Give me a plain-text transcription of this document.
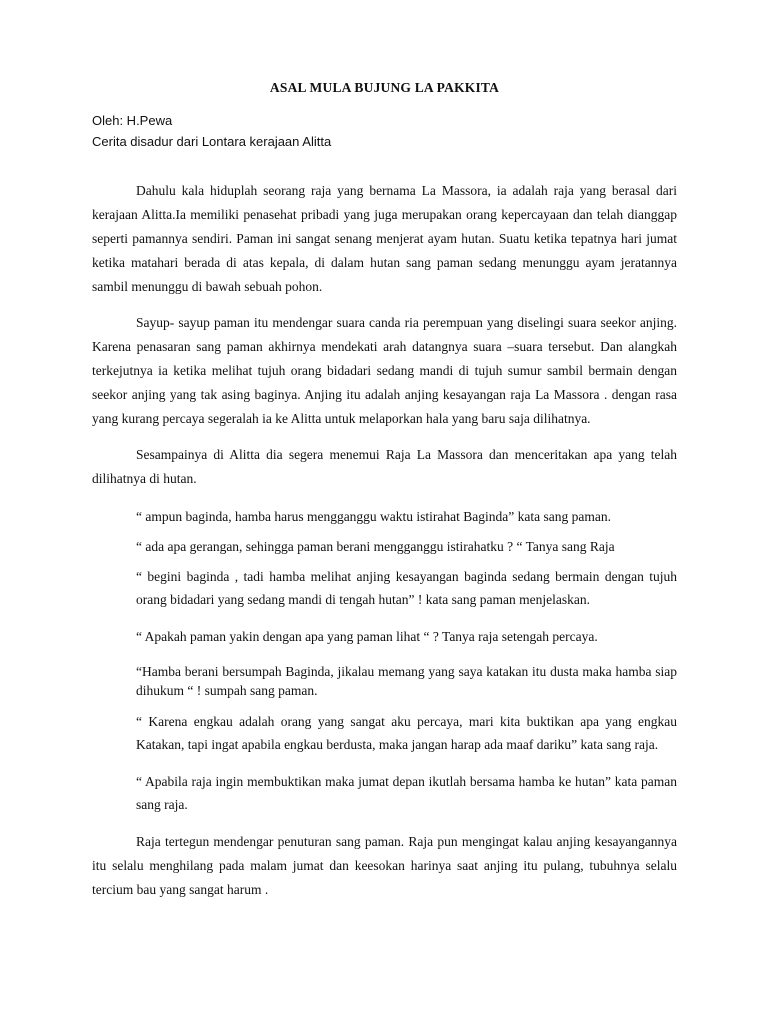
ASAL MULA BUJUNG LA PAKKITA

Oleh: H.Pewa

Cerita disadur dari Lontara kerajaan Alitta

Dahulu kala hiduplah seorang raja yang bernama La Massora, ia adalah raja yang berasal dari kerajaan Alitta.Ia memiliki penasehat pribadi yang juga merupakan orang kepercayaan dan telah dianggap seperti pamannya sendiri. Paman ini sangat senang menjerat ayam hutan. Suatu ketika tepatnya hari jumat ketika matahari berada di atas kepala, di dalam hutan sang paman sedang menunggu ayam jeratannya sambil menunggu di bawah sebuah pohon.

Sayup- sayup paman itu mendengar suara canda ria perempuan yang diselingi suara seekor anjing. Karena penasaran sang paman akhirnya mendekati arah datangnya suara –suara tersebut. Dan alangkah terkejutnya ia ketika melihat tujuh orang bidadari sedang mandi di tujuh sumur sambil bermain dengan seekor anjing yang tak asing baginya. Anjing itu adalah anjing kesayangan raja La Massora . dengan rasa yang kurang percaya segeralah ia ke Alitta untuk melaporkan hala yang baru saja dilihatnya.

Sesampainya di Alitta dia segera menemui Raja La Massora dan menceritakan apa yang telah dilihatnya di hutan.

“ ampun baginda, hamba harus mengganggu waktu istirahat Baginda” kata sang paman.

“ ada apa gerangan, sehingga paman berani mengganggu istirahatku ? “ Tanya sang Raja

“ begini baginda , tadi hamba melihat anjing kesayangan baginda sedang bermain dengan tujuh orang bidadari yang sedang mandi di tengah hutan” ! kata sang paman menjelaskan.

“ Apakah paman yakin dengan apa yang paman lihat “ ? Tanya raja setengah percaya.

“Hamba berani bersumpah Baginda, jikalau memang yang saya katakan itu dusta maka hamba siap dihukum “ ! sumpah sang paman.

“ Karena engkau adalah orang yang sangat aku percaya, mari kita buktikan apa yang engkau Katakan, tapi ingat apabila engkau berdusta, maka jangan harap ada maaf dariku” kata sang raja.

“ Apabila raja ingin membuktikan maka jumat depan ikutlah bersama hamba ke hutan” kata paman sang raja.

Raja tertegun mendengar penuturan sang paman. Raja pun mengingat kalau anjing kesayangannya itu selalu menghilang pada malam jumat dan keesokan harinya saat anjing itu pulang, tubuhnya selalu tercium bau yang sangat harum .
